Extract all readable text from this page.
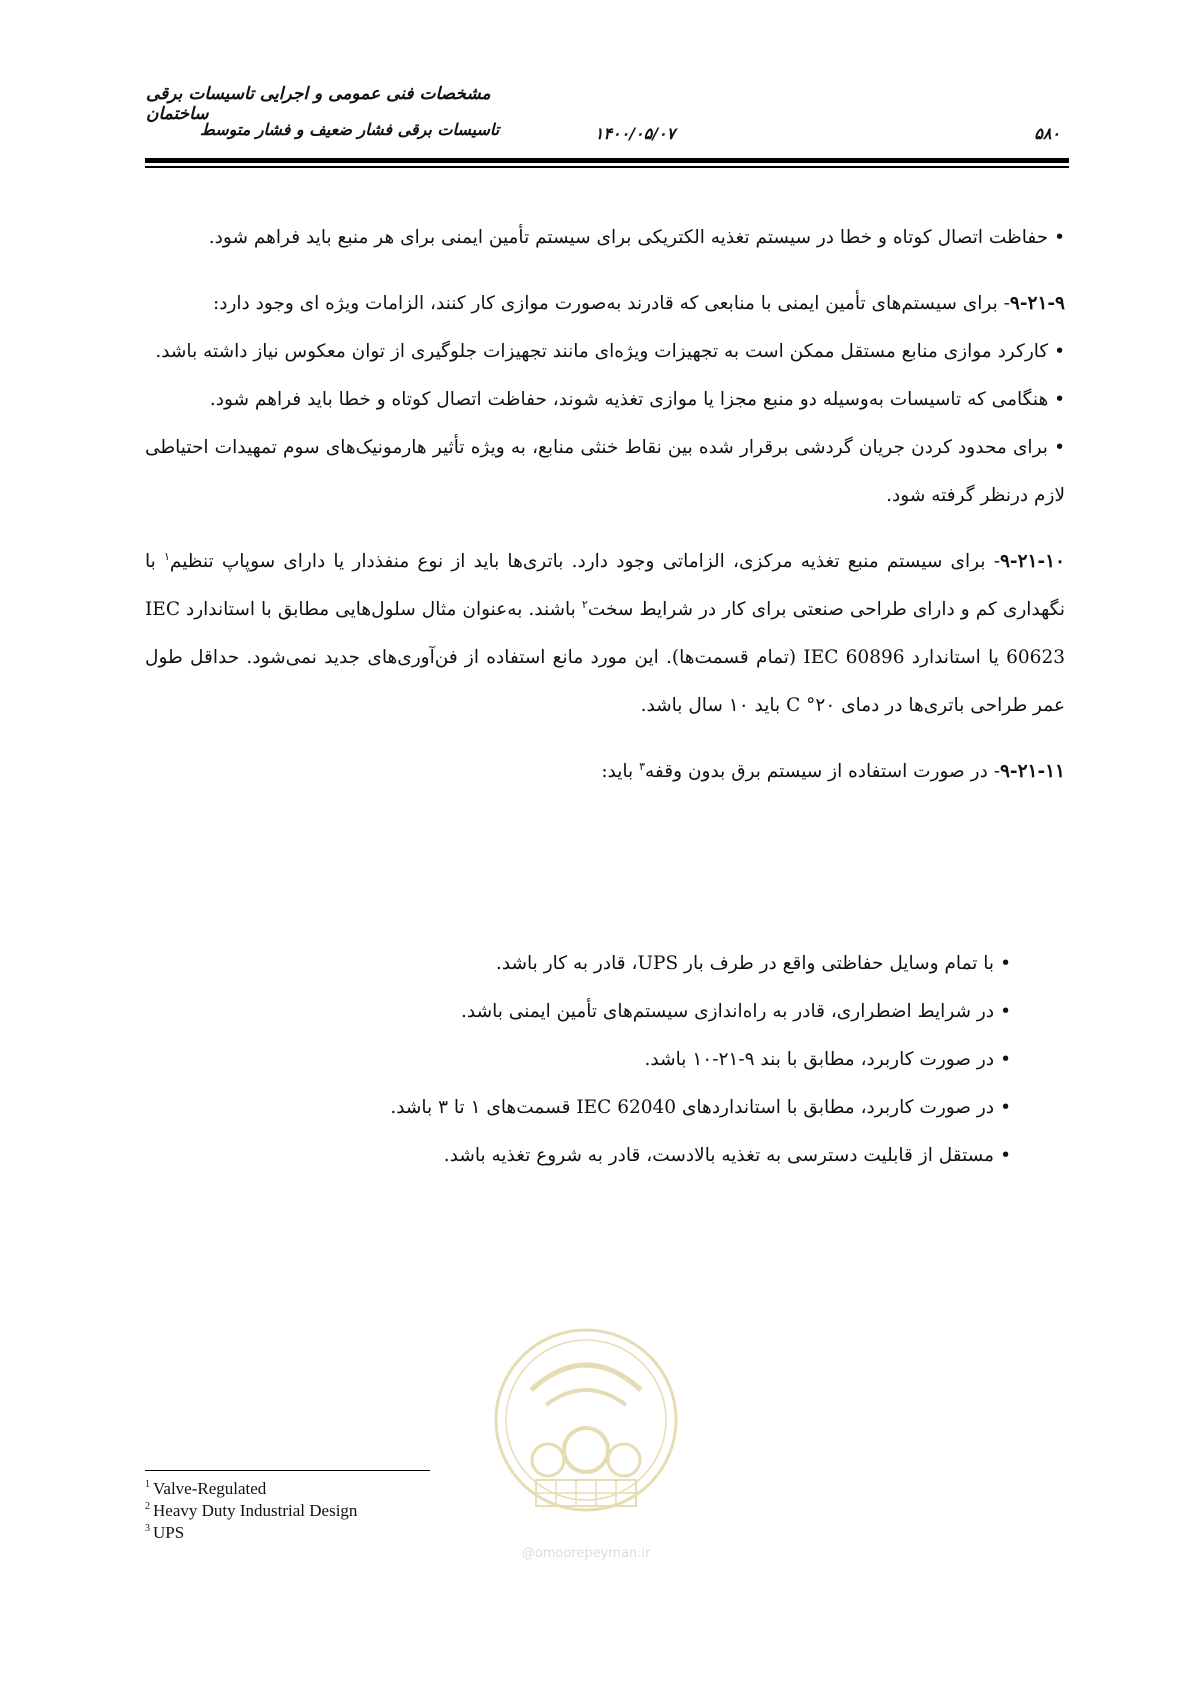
مشخصات فنی عمومی و اجرایی تاسیسات برقی ساختمان
تاسیسات برقی فشار ضعیف و فشار متوسط	۱۴۰۰/۰۵/۰۷	۵۸۰

• حفاظت اتصال کوتاه و خطا در سیستم تغذیه الکتریکی برای سیستم تأمین ایمنی برای هر منبع باید فراهم شود.

۹-۲۱-۹- برای سیستم‌های تأمین ایمنی با منابعی که قادرند به‌صورت موازی کار کنند، الزامات ویژه ای وجود دارد:

• کارکرد موازی منابع مستقل ممکن است به تجهیزات ویژه‌ای مانند تجهیزات جلوگیری از توان معکوس نیاز داشته باشد.

• هنگامی که تاسیسات به‌وسیله دو منبع مجزا یا موازی تغذیه شوند، حفاظت اتصال کوتاه و خطا باید فراهم شود.

• برای محدود کردن جریان گردشی برقرار شده بین نقاط خنثی منابع، به ویژه تأثیر هارمونیک‌های سوم تمهیدات احتیاطی لازم درنظر گرفته شود.

۹-۲۱-۱۰- برای سیستم منبع تغذیه مرکزی، الزاماتی وجود دارد. باتری‌ها باید از نوع منفذدار یا دارای سوپاپ تنظیم$^۱$ با نگهداری کم و دارای طراحی صنعتی برای کار در شرایط سخت$^۲$ باشند. به‌عنوان مثال سلول‌هایی مطابق با استاندارد IEC 60623 یا استاندارد IEC 60896 (تمام قسمت‌ها). این مورد مانع استفاده از فن‌آوری‌های جدید نمی‌شود. حداقل طول عمر طراحی باتری‌ها در دمای ۲۰° C باید ۱۰ سال باشد.

۹-۲۱-۱۱- در صورت استفاده از سیستم برق بدون وقفه$^۳$ باید:

•با تمام وسایل حفاظتی واقع در طرف بار UPS، قادر به کار باشد.
•در شرایط اضطراری، قادر به راه‌اندازی سیستم‌های تأمین ایمنی باشد.
•در صورت کاربرد، مطابق با بند ۹-۲۱-۱۰ باشد.
•در صورت کاربرد، مطابق با استانداردهای IEC 62040 قسمت‌های ۱ تا ۳ باشد.
•مستقل از قابلیت دسترسی به تغذیه بالادست، قادر به شروع تغذیه باشد.
@omoorepeyman.ir
$^1$ Valve-Regulated
$^2$ Heavy Duty Industrial Design
$^3$ UPS
